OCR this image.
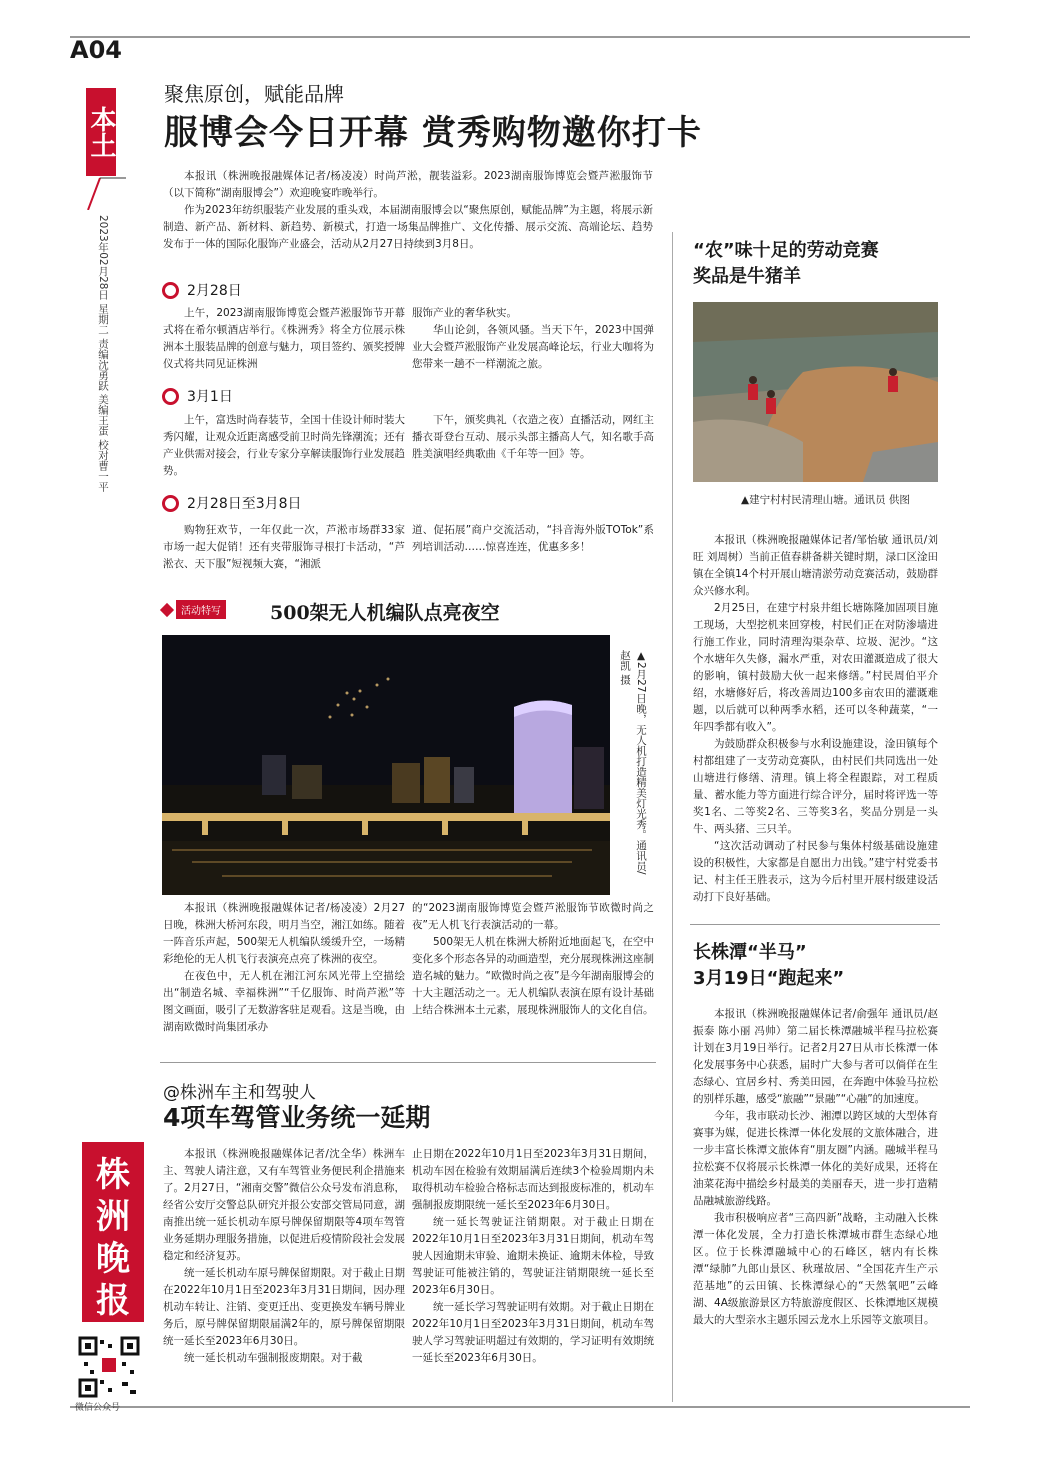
A04
本土
2023年02月28日 星期二 责编沈勇跃 美编王蛋 校对曹一平
株
洲
晚
报
微信公众号
聚焦原创，赋能品牌
服博会今日开幕 赏秀购物邀你打卡

本报讯（株洲晚报融媒体记者/杨凌凌）时尚芦淞，靓装溢彩。2023湖南服饰博览会暨芦淞服饰节（以下简称“湖南服博会”）欢迎晚宴昨晚举行。

作为2023年纺织服装产业发展的重头戏，本届湖南服博会以“聚焦原创，赋能品牌”为主题，将展示新制造、新产品、新材料、新趋势、新模式，打造一场集品牌推广、文化传播、展示交流、高端论坛、趋势发布于一体的国际化服饰产业盛会，活动从2月27日持续到3月8日。

2月28日

上午，2023湖南服饰博览会暨芦淞服饰节开幕式将在希尔顿酒店举行。《株洲秀》将全方位展示株洲本土服装品牌的创意与魅力，项目签约、颁奖授牌仪式将共同见证株洲

服饰产业的奢华秋实。

华山论剑，各领风骚。当天下午，2023中国弹业大会暨芦淞服饰产业发展高峰论坛，行业大咖将为您带来一趟不一样潮流之旅。

3月1日

上午，富迭时尚春装节，全国十佳设计师时装大秀闪耀，让观众近距离感受前卫时尚先锋潮流；还有产业供需对接会，行业专家分享解读服饰行业发展趋势。

下午，颁奖典礼（衣造之夜）直播活动，网红主播衣哥登台互动、展示头部主播高人气，知名歌手高胜美演唱经典歌曲《千年等一回》等。

2月28日至3月8日

购物狂欢节，一年仅此一次，芦淞市场群33家市场一起大促销！还有夹带服饰寻根打卡活动，“芦淞衣、天下服”短视频大赛，“湘派

道、促拓展”商户交流活动，“抖音海外版TOTok”系列培训活动……惊喜连连，优惠多多！

活动特写	500架无人机编队点亮夜空
▲2月27日晚，无人机打造精美灯光秀。通讯员/赵凯 摄

本报讯（株洲晚报融媒体记者/杨凌凌）2月27日晚，株洲大桥河东段，明月当空，湘江如练。随着一阵音乐声起，500架无人机编队缓缓升空，一场精彩绝伦的无人机飞行表演亮点亮了株洲的夜空。

在夜色中，无人机在湘江河东风光带上空描绘出“制造名城、幸福株洲”“千亿服饰、时尚芦淞”等图文画面，吸引了无数游客驻足观看。这是当晚，由湖南欧微时尚集团承办

的“2023湖南服饰博览会暨芦淞服饰节欧微时尚之夜”无人机飞行表演活动的一幕。

500架无人机在株洲大桥附近地面起飞，在空中变化多个形态各异的动画造型，充分展现株洲这座制造名城的魅力。“欧微时尚之夜”是今年湖南服博会的十大主题活动之一。无人机编队表演在原有设计基础上结合株洲本土元素，展现株洲服饰人的文化自信。

@株洲车主和驾驶人
4项车驾管业务统一延期

本报讯（株洲晚报融媒体记者/沈全华）株洲车主、驾驶人请注意，又有车驾管业务便民利企措施来了。2月27日，“湘南交警”微信公众号发布消息称，经省公安厅交警总队研究并报公安部交管局同意，湖南推出统一延长机动车原号牌保留期限等4项车驾管业务延期办理服务措施，以促进后疫情阶段社会发展稳定和经济复苏。

统一延长机动车原号牌保留期限。对于截止日期在2022年10月1日至2023年3月31日期间，因办理机动车转让、注销、变更迁出、变更换发车辆号牌业务后，原号牌保留期限届满2年的，原号牌保留期限统一延长至2023年6月30日。

统一延长机动车强制报废期限。对于截

止日期在2022年10月1日至2023年3月31日期间，机动车因在检验有效期届满后连续3个检验周期内未取得机动车检验合格标志而达到报废标准的，机动车强制报废期限统一延长至2023年6月30日。

统一延长驾驶证注销期限。对于截止日期在2022年10月1日至2023年3月31日期间，机动车驾驶人因逾期未审验、逾期未换证、逾期未体检，导致驾驶证可能被注销的，驾驶证注销期限统一延长至2023年6月30日。

统一延长学习驾驶证明有效期。对于截止日期在2022年10月1日至2023年3月31日期间，机动车驾驶人学习驾驶证明超过有效期的，学习证明有效期统一延长至2023年6月30日。

“农”味十足的劳动竞赛
奖品是牛猪羊
▲建宁村村民清理山塘。通讯员 供图

本报讯（株洲晚报融媒体记者/邹怡敏 通讯员/刘旺 刘周树）当前正值春耕备耕关键时期，渌口区淦田镇在全镇14个村开展山塘清淤劳动竞赛活动，鼓励群众兴修水利。

2月25日，在建宁村泉井组长塘陈隆加固项目施工现场，大型挖机来回穿梭，村民们正在对防渗墙进行施工作业，同时清理沟渠杂草、垃圾、泥沙。“这个水塘年久失修，漏水严重，对农田灌溉造成了很大的影响，镇村鼓励大伙一起来修缮。”村民周伯平介绍，水塘修好后，将改善周边100多亩农田的灌溉难题，以后就可以种两季水稻，还可以冬种蔬菜，“一年四季都有收入”。

为鼓励群众积极参与水利设施建设，淦田镇每个村都组建了一支劳动竞赛队，由村民们共同选出一处山塘进行修缮、清理。镇上将全程跟踪，对工程质量、蓄水能力等方面进行综合评分，届时将评选一等奖1名、二等奖2名、三等奖3名，奖品分别是一头牛、两头猪、三只羊。

“这次活动调动了村民参与集体村级基础设施建设的积极性，大家都是自愿出力出钱。”建宁村党委书记、村主任王胜表示，这为今后村里开展村级建设活动打下良好基础。

长株潭“半马”
3月19日“跑起来”

本报讯（株洲晚报融媒体记者/俞强年 通讯员/赵振泰 陈小丽 冯帅）第二届长株潭融城半程马拉松赛计划在3月19日举行。记者2月27日从市长株潭一体化发展事务中心获悉，届时广大参与者可以倘佯在生态绿心、宜居乡村、秀美田园，在奔跑中体验马拉松的别样乐趣，感受“旅融”“景融”“心融”的加速度。

今年，我市联动长沙、湘潭以跨区域的大型体育赛事为媒，促进长株潭一体化发展的文旅体融合，进一步丰富长株潭文旅体育“朋友圈”内涵。融城半程马拉松赛不仅将展示长株潭一体化的美好成果，还将在油菜花海中描绘乡村最美的美丽春天，进一步打造精品融城旅游线路。

我市积极响应者“三高四新”战略，主动融入长株潭一体化发展，全力打造长株潭城市群生态绿心地区。位于长株潭融城中心的石峰区，辖内有长株潭“绿肺”九郎山景区、秋瑾故居、“全国花卉生产示范基地”的云田镇、长株潭绿心的“天然氧吧”云峰湖、4A级旅游景区方特旅游度假区、长株潭地区规模最大的大型亲水主题乐园云龙水上乐园等文旅项目。
